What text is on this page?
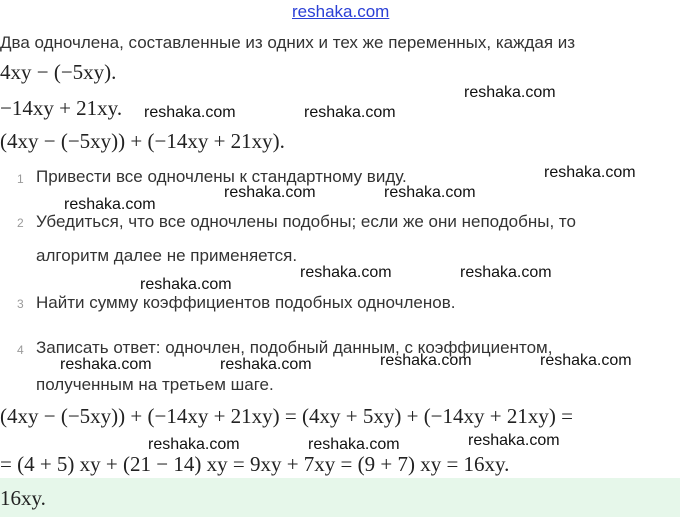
reshaka.com
Два одночлена, составленные из одних и тех же переменных, каждая из
4xy − (−5xy).
−14xy + 21xy.
(4xy − (−5xy)) + (−14xy + 21xy).
1 Привести все одночлены к стандартному виду.
2 Убедиться, что все одночлены подобны; если же они неподобны, то
алгоритм далее не применяется.
3 Найти сумму коэффициентов подобных одночленов.
4 Записать ответ: одночлен, подобный данным, с коэффициентом,
полученным на третьем шаге.
(4xy − (−5xy)) + (−14xy + 21xy) = (4xy + 5xy) + (−14xy + 21xy) =
= (4 + 5) xy + (21 − 14) xy = 9xy + 7xy = (9 + 7) xy = 16xy.
16xy.
reshaka.com
reshaka.com	reshaka.com
reshaka.com
reshaka.com	reshaka.com
reshaka.com
reshaka.com	reshaka.com
reshaka.com
reshaka.com	reshaka.com
reshaka.com	reshaka.com
reshaka.com
reshaka.com	reshaka.com
